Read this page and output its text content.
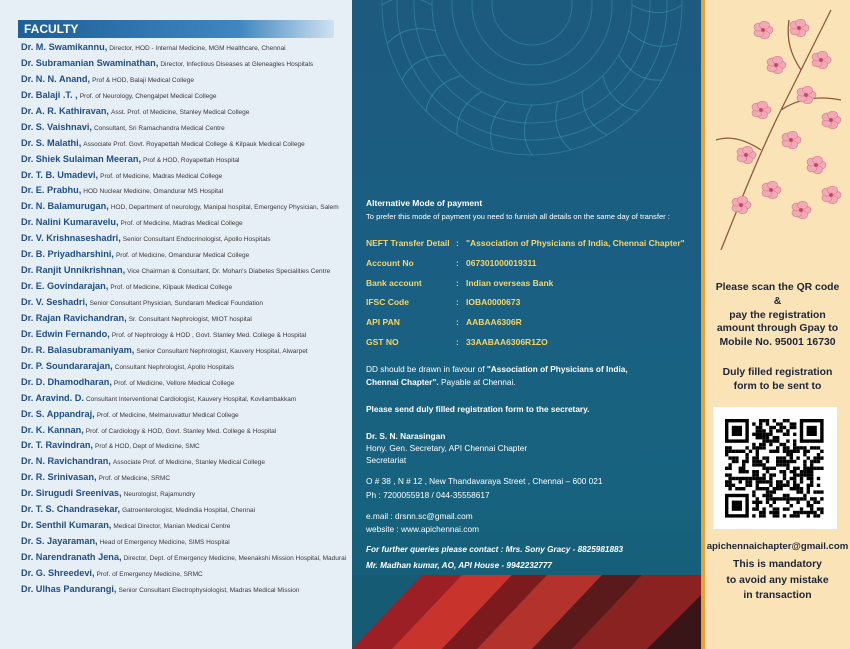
FACULTY
Dr. M. Swamikannu, Director, HOD - Internal Medicine, MGM Healthcare, Chennai
Dr. Subramanian Swaminathan, Director, Infectious Diseases at Gleneagles Hospitals
Dr. N. N. Anand, Prof & HOD, Balaji Medical College
Dr. Balaji .T. , Prof. of Neurology, Chengalpet Medical College
Dr. A. R. Kathiravan, Asst. Prof. of Medicine, Stanley Medical College
Dr. S. Vaishnavi, Consultant, Sri Ramachandra Medical Centre
Dr. S. Malathi, Associate Prof. Govt. Royapettah Medical College & Kilpauk Medical College
Dr. Shiek Sulaiman Meeran, Prof & HOD, Royapettah Hospital
Dr. T. B. Umadevi, Prof. of Medicine, Madras Medical College
Dr. E. Prabhu, HOD Nuclear Medicine, Omandurar MS Hospital
Dr. N. Balamurugan, HOD, Department of neurology, Manipal hospital, Emergency Physician, Salem
Dr. Nalini Kumaravelu, Prof. of Medicine, Madras Medical College
Dr. V. Krishnaseshadri, Senior Consultant Endocrinologist, Apollo Hospitals
Dr. B. Priyadharshini, Prof. of Medicine, Omandurar Medical College
Dr. Ranjit Unnikrishnan, Vice Chairman & Consultant, Dr. Mohan's Diabetes Specialities Centre
Dr. E. Govindarajan, Prof. of Medicine, Kilpauk Medical College
Dr. V. Seshadri, Senior Consultant Physician, Sundaram Medical Foundation
Dr. Rajan Ravichandran, Sr. Consultant Nephrologist, MIOT hospital
Dr. Edwin Fernando, Prof. of Nephrology & HOD , Govt. Stanley Med. College & Hospital
Dr. R. Balasubramaniyam, Senior Consultant Nephrologist, Kauvery Hospital, Alwarpet
Dr. P. Soundararajan, Consultant Nephrologist, Apollo Hospitals
Dr. D. Dhamodharan, Prof. of Medicine, Vellore Medical College
Dr. Aravind. D. Consultant Interventional Cardiologist, Kauvery Hospital, Kovilambakkam
Dr. S. Appandraj, Prof. of Medicine, Melmaruvattur Medical College
Dr. K. Kannan, Prof. of Cardiology & HOD, Govt. Stanley Med. College & Hospital
Dr. T. Ravindran, Prof & HOD, Dept of Medicine, SMC
Dr. N. Ravichandran, Associate Prof. of Medicine, Stanley Medical College
Dr. R. Srinivasan, Prof. of Medicine, SRMC
Dr. Sirugudi Sreenivas, Neurologist, Rajamundry
Dr. T. S. Chandrasekar, Gatroenterologist, Medindia Hospital, Chennai
Dr. Senthil Kumaran, Medical Director, Manian Medical Centre
Dr. S. Jayaraman, Head of Emergency Medicine, SIMS Hospital
Dr. Narendranath Jena, Director, Dept. of Emergency Medicine, Meenakshi Mission Hospital, Madurai
Dr. G. Shreedevi, Prof. of Emergency Medicine, SRMC
Dr. Ulhas Pandurangi, Senior Consultant Electrophysiologist, Madras Medical Mission
Alternative Mode of payment
To prefer this mode of payment you need to furnish all details on the same day of transfer :
NEFT Transfer Detail : "Association of Physicians of India, Chennai Chapter"
Account No	: 067301000019311
Bank account	: Indian overseas Bank
IFSC Code	: IOBA0000673
API PAN	: AABAA6306R
GST NO	: 33AABAA6306R1ZO
DD should be drawn in favour of "Association of Physicians of India,
Chennai Chapter". Payable at Chennai.
Please send duly filled registration form to the secretary.
Dr. S. N. Narasingan
Hony. Gen. Secretary, API Chennai Chapter
Secretariat
O # 38 , N # 12 , New Thandavaraya Street , Chennai – 600 021
Ph : 7200055918 / 044-35558617
e.mail : drsnn.sc@gmail.com
website : www.apichennai.com
For further queries please contact : Mrs. Sony Gracy - 8825981883
Mr. Madhan kumar, AO, API House - 9942232777
Please scan the QR code
&
pay the registration
amount through Gpay to
Mobile No. 95001 16730
Duly filled registration
form to be sent to
apichennaichapter@gmail.com
This is mandatory
to avoid any mistake
in transaction
